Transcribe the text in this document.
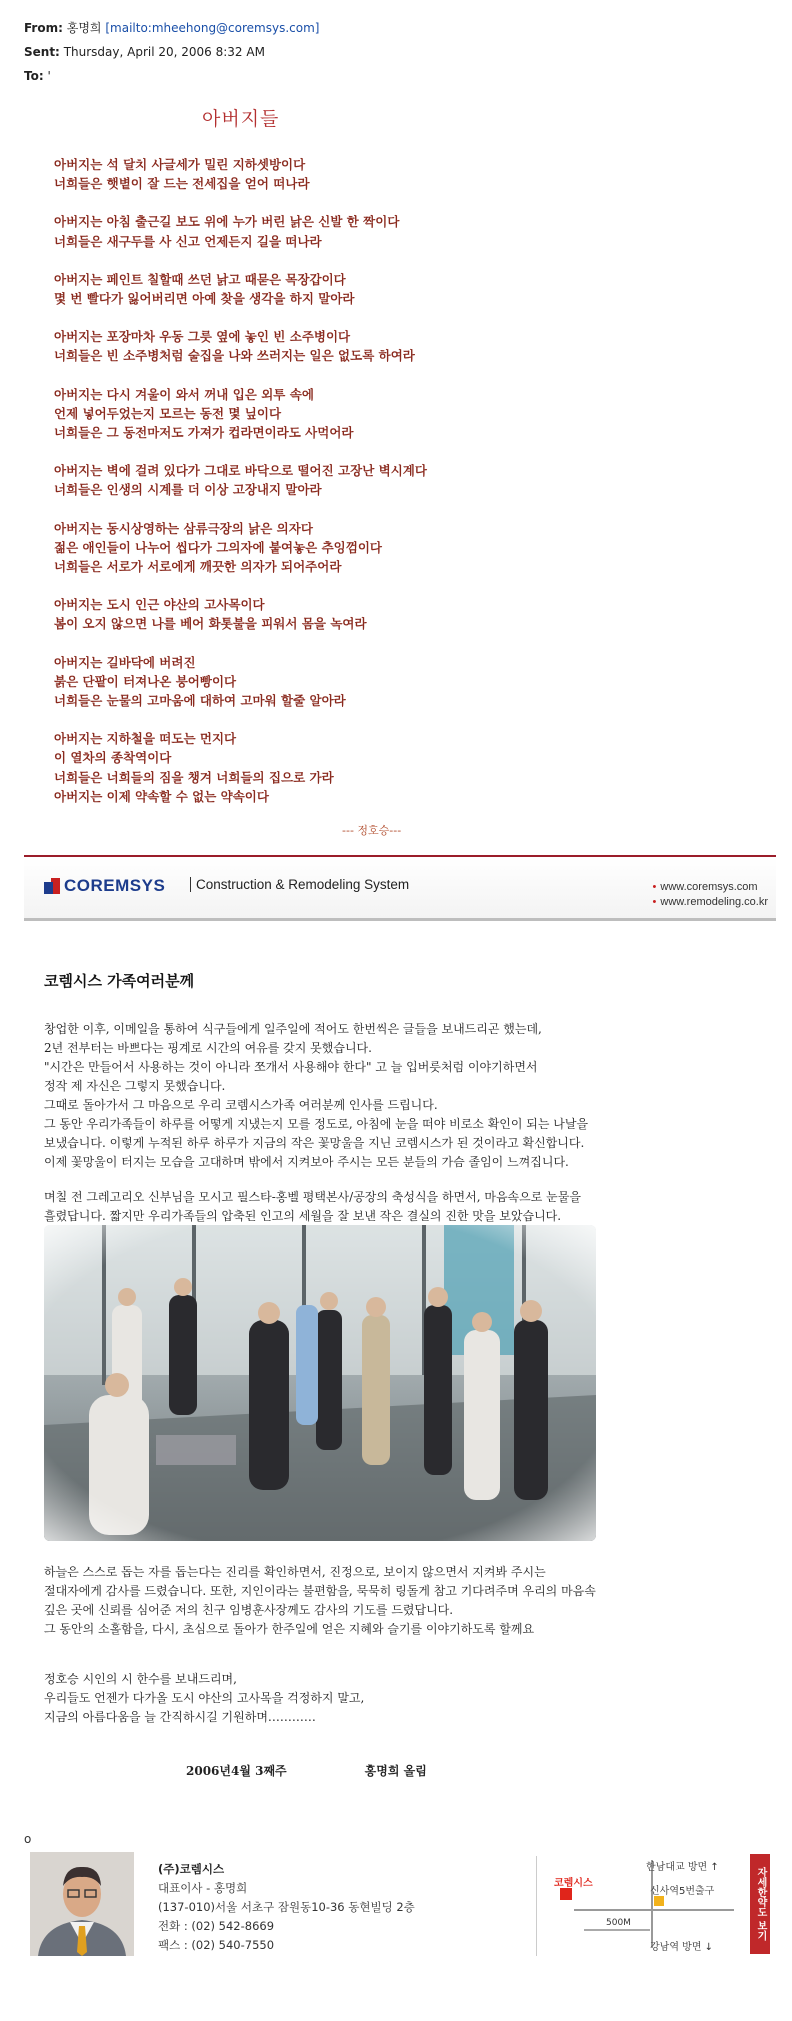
From: 홍명희 [mailto:mheehong@coremsys.com]
Sent: Thursday, April 20, 2006 8:32 AM
To: '
아버지들
아버지는 석 달치 사글세가 밀린 지하셋방이다
너희들은 햇볕이 잘 드는 전세집을 얻어 떠나라
아버지는 아침 출근길 보도 위에 누가 버린 낡은 신발 한 짝이다
너희들은 새구두를 사 신고 언제든지 길을 떠나라
아버지는 페인트 칠할때 쓰던 낡고 때묻은 목장갑이다
몇 번 빨다가 잃어버리면 아예 찾을 생각을 하지 말아라
아버지는 포장마차 우동 그릇 옆에 놓인 빈 소주병이다
너희들은 빈 소주병처럼 술집을 나와 쓰러지는 일은 없도록 하여라
아버지는 다시 겨울이 와서 꺼내 입은 외투 속에
언제 넣어두었는지 모르는 동전 몇 닢이다
너희들은 그 동전마저도 가져가 컵라면이라도 사먹어라
아버지는 벽에 걸려 있다가 그대로 바닥으로 떨어진 고장난 벽시계다
너희들은 인생의 시계를 더 이상 고장내지 말아라
아버지는 동시상영하는 삼류극장의 낡은 의자다
젊은 애인들이 나누어 씹다가 그의자에 붙여놓은 추잉껌이다
너희들은 서로가 서로에게 깨끗한 의자가 되어주어라
아버지는 도시 인근 야산의 고사목이다
봄이 오지 않으면 나를 베어 화톳불을 피워서 몸을 녹여라
아버지는 길바닥에 버려진
붉은 단팥이 터져나온 붕어빵이다
너희들은 눈물의 고마움에 대하여 고마워 할줄 알아라
아버지는 지하철을 떠도는 먼지다
이 열차의 종착역이다
너희들은 너희들의 짐을 챙겨 너희들의 집으로 가라
아버지는 이제 약속할 수 없는 약속이다
--- 정호승---
COREMSYS	Construction & Remodeling System	• www.coremsys.com
• www.remodeling.co.kr
코렘시스 가족여러분께
창업한 이후, 이메일을 통하여 식구들에게 일주일에 적어도 한번씩은 글들을 보내드리곤 했는데,
2년 전부터는 바쁘다는 핑계로 시간의 여유를 갖지 못했습니다.
"시간은 만들어서 사용하는 것이 아니라 쪼개서 사용해야 한다" 고 늘 입버릇처럼 이야기하면서
정작 제 자신은 그렇지 못했습니다.
그때로 돌아가서 그 마음으로 우리 코렘시스가족 여러분께 인사를 드립니다.
그 동안 우리가족들이 하루를 어떻게 지냈는지 모를 정도로, 아침에 눈을 떠야 비로소 확인이 되는 나날을
보냈습니다. 이렇게 누적된 하루 하루가 지금의 작은 꽃망울을 지닌 코렘시스가 된 것이라고 확신합니다.
이제 꽃망울이 터지는 모습을 고대하며 밖에서 지켜보아 주시는 모든 분들의 가슴 졸임이 느껴집니다.
며칠 전 그레고리오 신부님을 모시고 필스타-홍벨 평택본사/공장의 축성식을 하면서, 마음속으로 눈물을
흘렸답니다. 짧지만 우리가족들의 압축된 인고의 세월을 잘 보낸 작은 결실의 진한 맛을 보았습니다.
하늘은 스스로 돕는 자를 돕는다는 진리를 확인하면서, 진정으로, 보이지 않으면서 지켜봐 주시는
절대자에게 감사를 드렸습니다. 또한, 지인이라는 불편함을, 묵묵히 링돌게 참고 기다려주며 우리의 마음속
깊은 곳에 신뢰를 심어준 저의 친구 임병훈사장께도 감사의 기도를 드렸답니다.
그 동안의 소홀함을, 다시, 초심으로 돌아가 한주일에 얻은 지혜와 슬기를 이야기하도록 할께요
정호승 시인의 시 한수를 보내드리며,
우리들도 언젠가 다가올 도시 야산의 고사목을 걱정하지 말고,
지금의 아름다움을 늘 간직하시길 기원하며…………
2006년4월 3째주	홍명희 올림
o
(주)코렘시스
대표이사 - 홍명희
(137-010)서울 서초구 잠원동10-36 동현빌딩 2층
전화 : (02) 542-8669
팩스 : (02) 540-7550
한남대교 방면 ↑
코렘시스
신사역5번출구
500M
강남역 방면 ↓
자세한약도 보기
